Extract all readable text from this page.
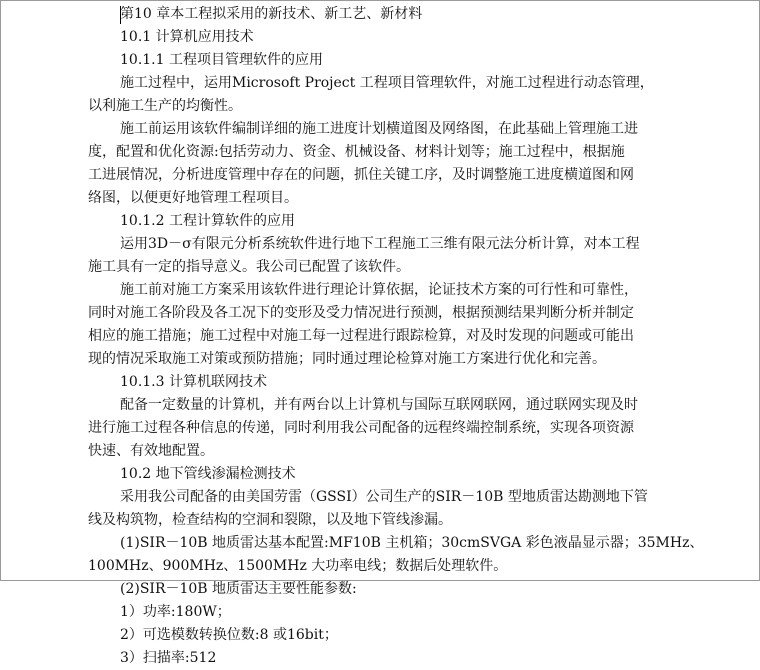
第10 章本工程拟采用的新技术、新工艺、新材料
10.1 计算机应用技术
10.1.1 工程项目管理软件的应用
施工过程中，运用Microsoft Project 工程项目管理软件，对施工过程进行动态管理，
以利施工生产的均衡性。
施工前运用该软件编制详细的施工进度计划横道图及网络图，在此基础上管理施工进
度，配置和优化资源:包括劳动力、资金、机械设备、材料计划等；施工过程中，根据施
工进展情况，分析进度管理中存在的问题，抓住关键工序，及时调整施工进度横道图和网
络图，以便更好地管理工程项目。
10.1.2 工程计算软件的应用
运用3D－σ有限元分析系统软件进行地下工程施工三维有限元法分析计算，对本工程
施工具有一定的指导意义。我公司已配置了该软件。
施工前对施工方案采用该软件进行理论计算依据，论证技术方案的可行性和可靠性，
同时对施工各阶段及各工况下的变形及受力情况进行预测，根据预测结果判断分析并制定
相应的施工措施；施工过程中对施工每一过程进行跟踪检算，对及时发现的问题或可能出
现的情况采取施工对策或预防措施；同时通过理论检算对施工方案进行优化和完善。
10.1.3 计算机联网技术
配备一定数量的计算机，并有两台以上计算机与国际互联网联网，通过联网实现及时
进行施工过程各种信息的传递，同时利用我公司配备的远程终端控制系统，实现各项资源
快速、有效地配置。
10.2 地下管线渗漏检测技术
采用我公司配备的由美国劳雷（GSSI）公司生产的SIR－10B 型地质雷达勘测地下管
线及构筑物，检查结构的空洞和裂隙，以及地下管线渗漏。
(1)SIR－10B 地质雷达基本配置:MF10B 主机箱；30cmSVGA 彩色液晶显示器；35MHz、
100MHz、900MHz、1500MHz 大功率电线；数据后处理软件。
(2)SIR－10B 地质雷达主要性能参数:
1）功率:180W；
2）可选模数转换位数:8 或16bit；
3）扫描率:512
